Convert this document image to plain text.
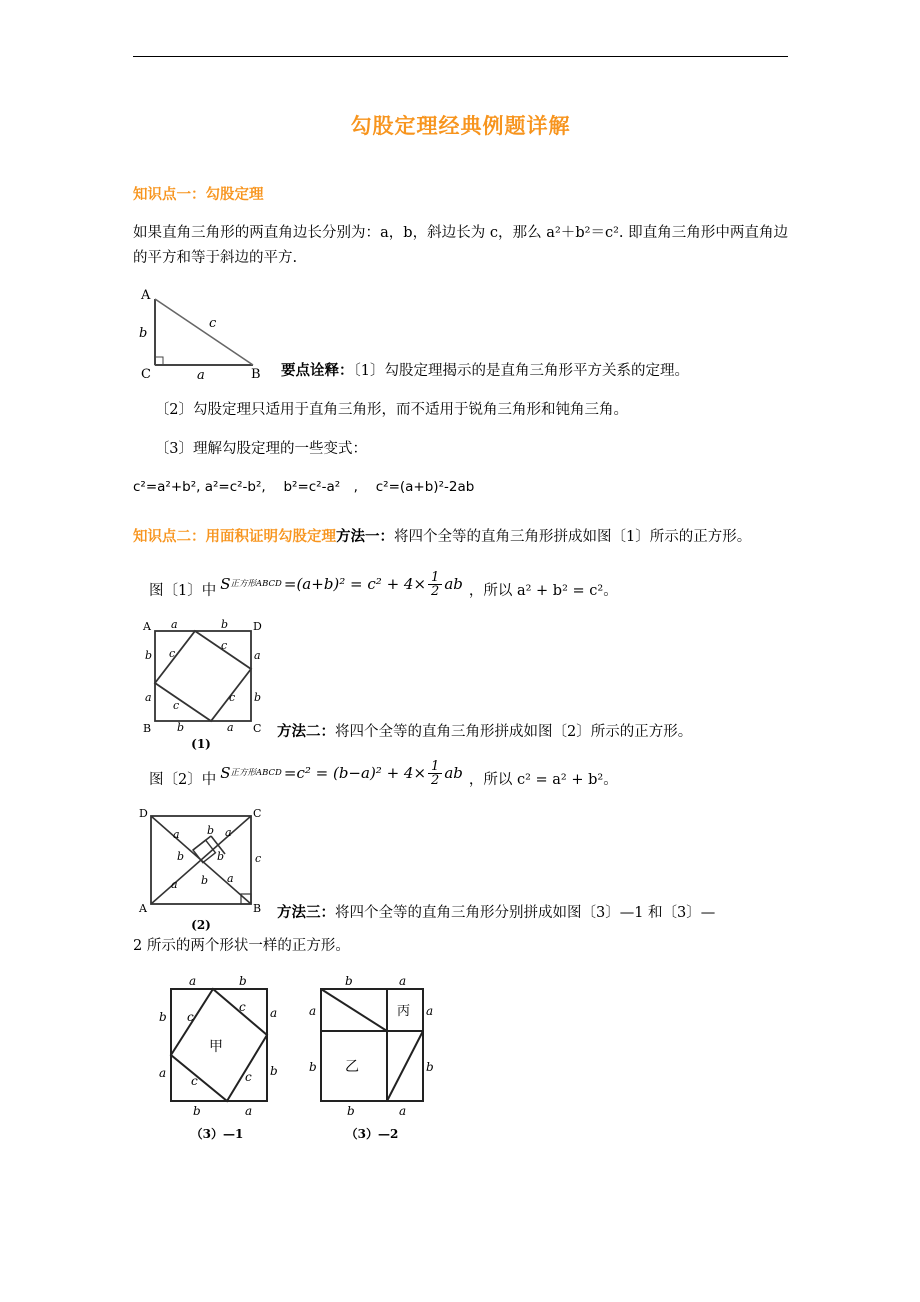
勾股定理经典例题详解
知识点一：勾股定理

如果直角三角形的两直角边长分别为：a，b，斜边长为 c，那么 a²＋b²＝c². 即直角三角形中两直角边的平方和等于斜边的平方.

A
C	B
b
a
c
要点诠释：〔1〕勾股定理揭示的是直角三角形平方关系的定理。

〔2〕勾股定理只适用于直角三角形，而不适用于锐角三角形和钝角三角。

〔3〕理解勾股定理的一些变式：

c²=a²+b², a²=c²-b²,　 b²=c²-a²　, 　c²=(a+b)²-2ab

知识点二：用面积证明勾股定理方法一：将四个全等的直角三角形拼成如图〔1〕所示的正方形。

图〔1〕中 S 正方形ABCD $=(a+b)^2 = c^2 + 4\times \frac{1}{2}$ ab ，所以 a² + b² = c²。
A	D
B	C
a	b
b	a
a	b
b	a
c
c
c
c
(1)
方法二：将四个全等的直角三角形拼成如图〔2〕所示的正方形。
图〔2〕中 S 正方形ABCD $=c^2 = (b-a)^2 + 4\times \frac{1}{2}$ ab ，所以 c² = a² + b²。
D	C
A	B
a b a
b	b
b
a	a
c
(2)
方法三：将四个全等的直角三角形分别拼成如图〔3〕—1 和〔3〕—

2 所示的两个形状一样的正方形。

a	b
b	a
a	b
b	a
c
c
c	c
甲
（3）—1
b	a
a	a
b	b
b	a
乙
丙
（3）—2
